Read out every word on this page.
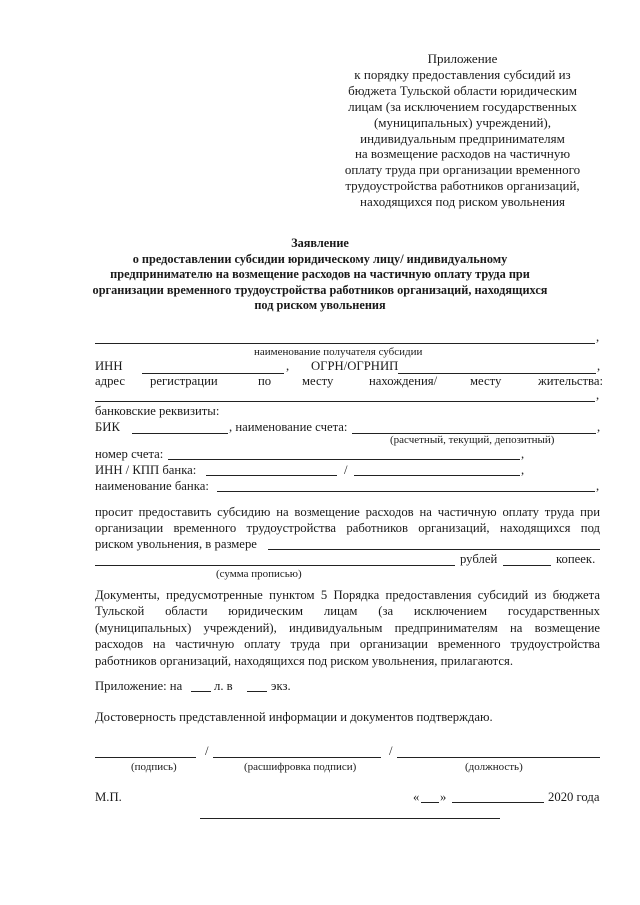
Приложение
к порядку предоставления субсидий из
бюджета Тульской области юридическим
лицам (за исключением государственных
(муниципальных) учреждений),
индивидуальным предпринимателям
на возмещение расходов на частичную
оплату труда при организации временного
трудоустройства работников организаций,
находящихся под риском увольнения
Заявление
о предоставлении субсидии юридическому лицу/ индивидуальному
предпринимателю на возмещение расходов на частичную оплату труда при
организации временного трудоустройства работников организаций, находящихся
под риском увольнения
,
наименование получателя субсидии
ИНН	, ОГРН/ОГРНИП	,
адрес регистрации	по месту	нахождения/	месту	жительства:
,
банковские реквизиты:
БИК	, наименование счета:	,
(расчетный, текущий, депозитный)
номер счета:	,
ИНН / КПП банка:	/	,
наименование банка:	,
просит предоставить субсидию на возмещение расходов на частичную оплату труда при
организации временного трудоустройства работников организаций, находящихся под
риском увольнения, в размере
рублей	копеек.
(сумма прописью)
Документы, предусмотренные пунктом 5 Порядка предоставления субсидий из бюджета
Тульской области юридическим лицам (за исключением государственных
(муниципальных) учреждений), индивидуальным предпринимателям на возмещение
расходов на частичную оплату труда при организации временного трудоустройства
работников организаций, находящихся под риском увольнения, прилагаются.
Приложение: на	л. в	экз.
Достоверность представленной информации и документов подтверждаю.
/	/
(подпись)	(расшифровка подписи)	(должность)
М.П.	« »	2020 года
